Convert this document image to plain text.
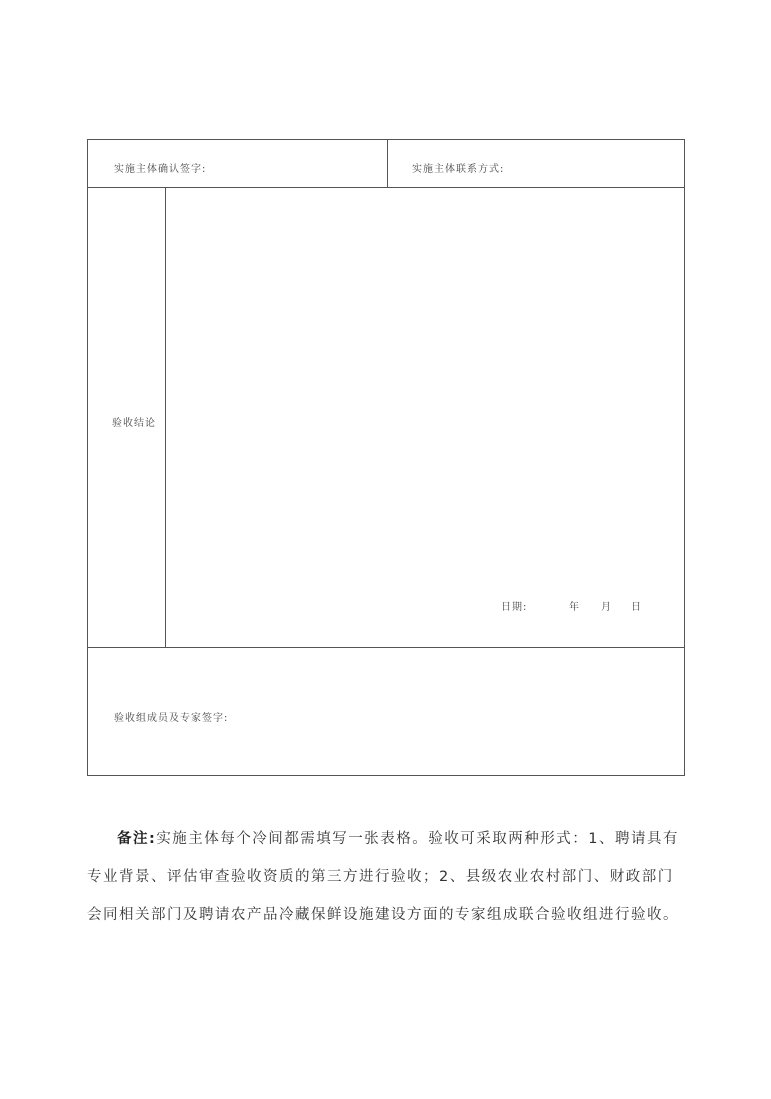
实施主体确认签字:	实施主体联系方式:
验收结论
日期:	年 月 日
验收组成员及专家签字:

备注:实施主体每个冷间都需填写一张表格。验收可采取两种形式：1、聘请具有专业背景、评估审查验收资质的第三方进行验收；2、县级农业农村部门、财政部门会同相关部门及聘请农产品冷藏保鲜设施建设方面的专家组成联合验收组进行验收。
